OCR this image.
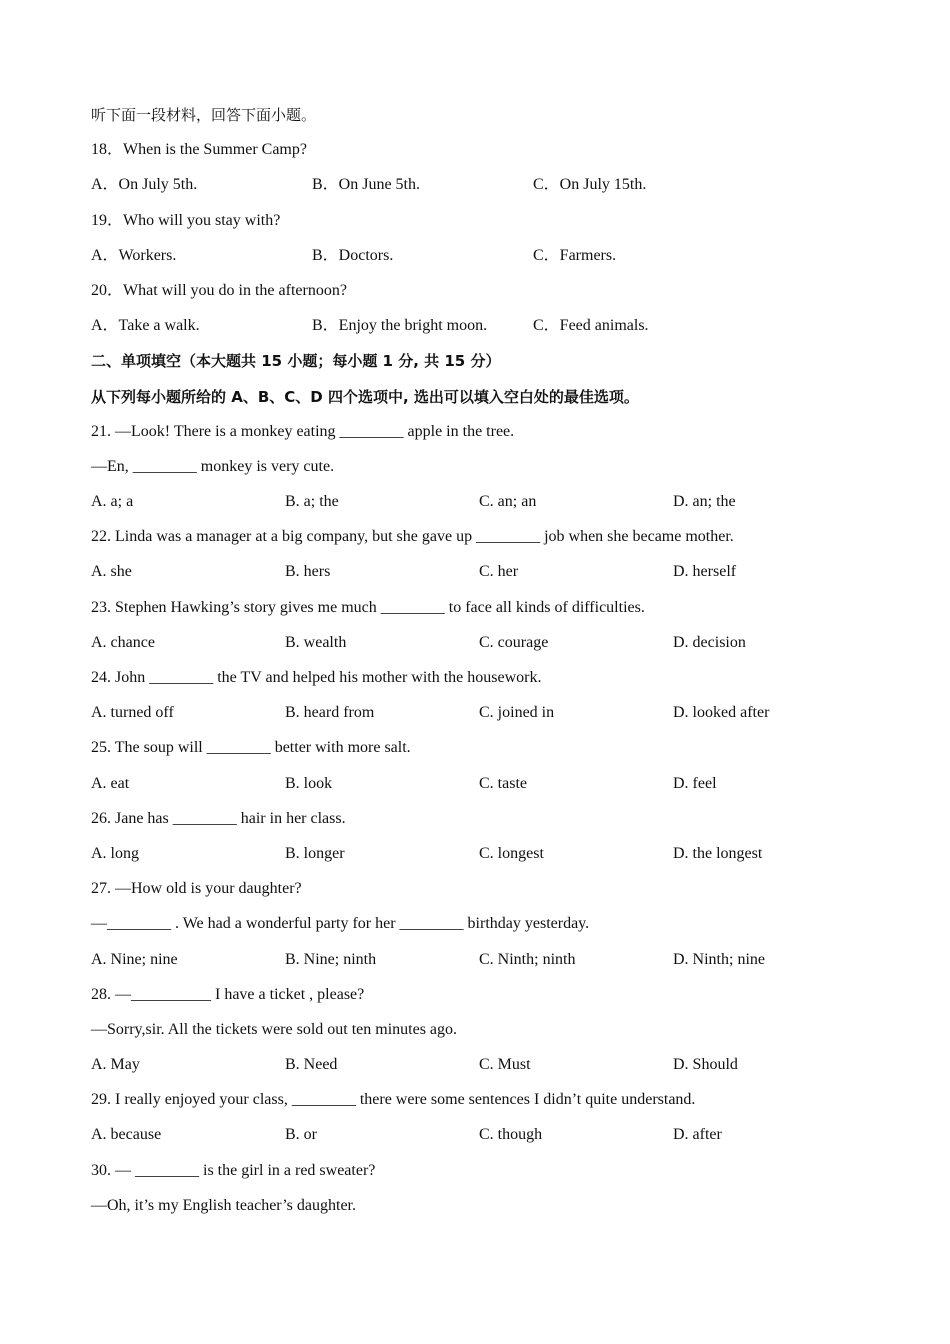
听下面一段材料，回答下面小题。
18．When is the Summer Camp?
A．On July 5th.	B．On June 5th.	C．On July 15th.
19．Who will you stay with?
A．Workers.	B．Doctors.	C．Farmers.
20．What will you do in the afternoon?
A．Take a walk.	B．Enjoy the bright moon.	C．Feed animals.
二、单项填空（本大题共 15 小题；每小题 1 分, 共 15 分）
从下列每小题所给的 A、B、C、D 四个选项中, 选出可以填入空白处的最佳选项。
21. —Look! There is a monkey eating ________ apple in the tree.
—En, ________ monkey is very cute.
A. a; a	B. a; the	C. an; an	D. an; the
22. Linda was a manager at a big company, but she gave up ________ job when she became mother.
A. she	B. hers	C. her	D. herself
23. Stephen Hawking’s story gives me much ________ to face all kinds of difficulties.
A. chance	B. wealth	C. courage	D. decision
24. John ________ the TV and helped his mother with the housework.
A. turned off	B. heard from	C. joined in	D. looked after
25. The soup will ________ better with more salt.
A. eat	B. look	C. taste	D. feel
26. Jane has ________ hair in her class.
A. long	B. longer	C. longest	D. the longest
27. —How old is your daughter?
—________ . We had a wonderful party for her ________ birthday yesterday.
A. Nine; nine	B. Nine; ninth	C. Ninth; ninth	D. Ninth; nine
28. —__________ I have a ticket , please?
—Sorry,sir. All the tickets were sold out ten minutes ago.
A. May	B. Need	C. Must	D. Should
29. I really enjoyed your class, ________ there were some sentences I didn’t quite understand.
A. because	B. or	C. though	D. after
30. — ________ is the girl in a red sweater?
—Oh, it’s my English teacher’s daughter.
